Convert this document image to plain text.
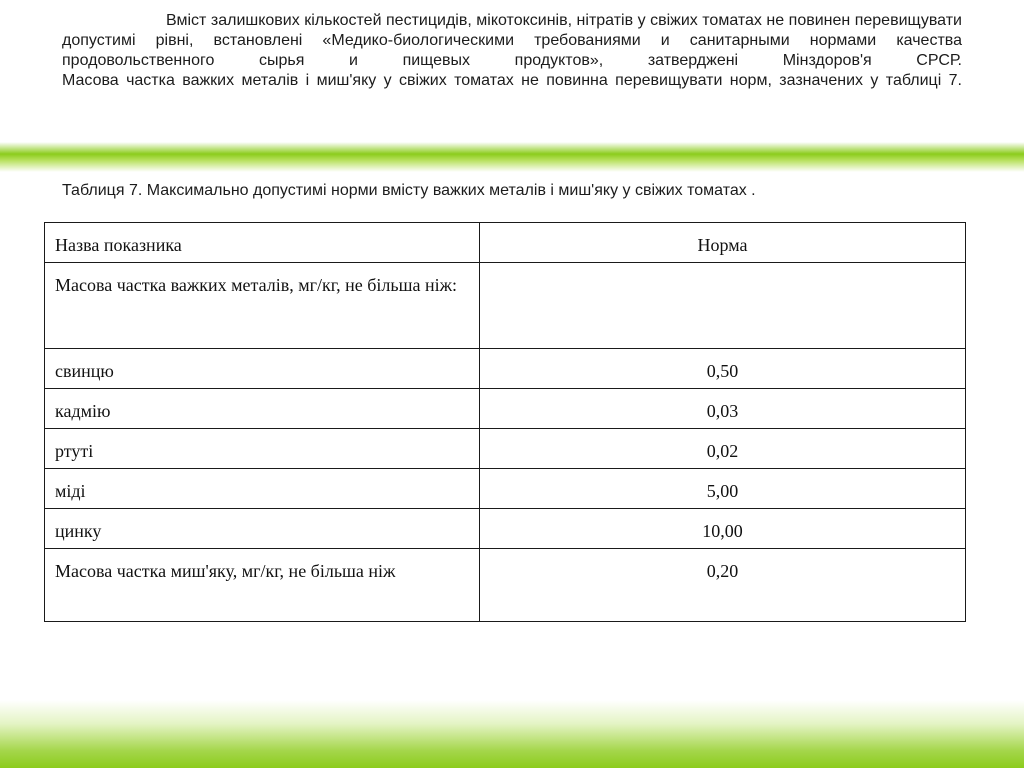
Вміст залишкових кількостей пестицидів, мікотоксинів, нітратів у свіжих томатах не повинен перевищувати допустимі рівні, встановлені «Медико-биологическими требованиями и санитарными нормами качества продовольственного сырья и пищевых продуктов», затверджені Мінздоров'я СРСР.

Масова частка важких металів і миш'яку у свіжих томатах не повинна перевищувати норм, зазначених у таблиці 7.

Таблиця 7. Максимально допустимі норми вмісту важких металів і миш'яку у свіжих томатах .

Назва показника	Норма
Масова частка важких металів, мг/кг, не більша ніж:	
свинцю	0,50
кадмію	0,03
ртуті	0,02
міді	5,00
цинку	10,00
Масова частка миш'яку, мг/кг, не більша ніж	0,20
